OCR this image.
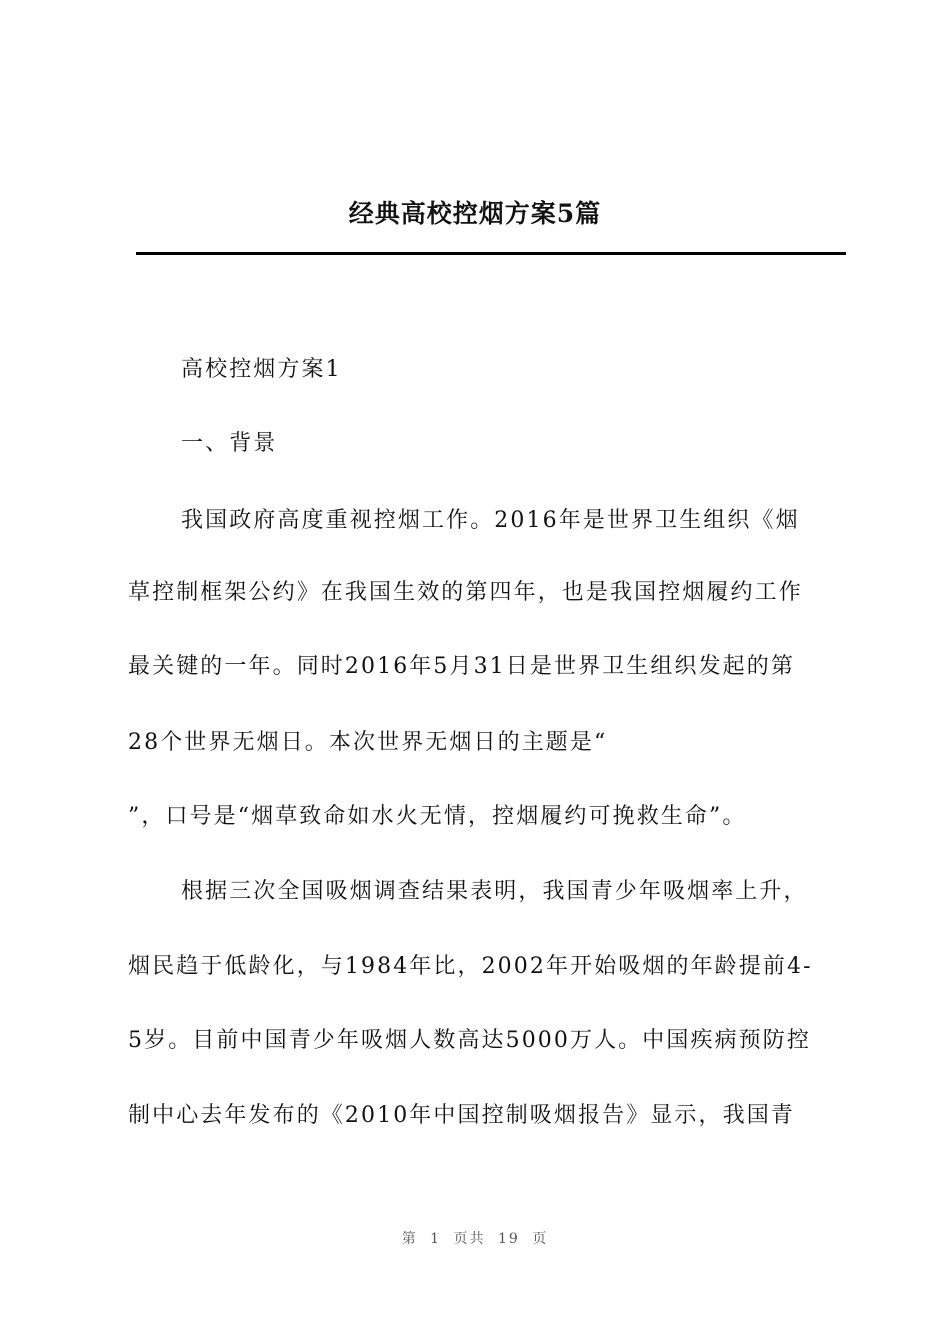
经典高校控烟方案5篇
高校控烟方案1
一、背景
我国政府高度重视控烟工作。2016年是世界卫生组织《烟
草控制框架公约》在我国生效的第四年，也是我国控烟履约工作
最关键的一年。同时2016年5月31日是世界卫生组织发起的第
28个世界无烟日。本次世界无烟日的主题是“
”，口号是“烟草致命如水火无情，控烟履约可挽救生命”。
根据三次全国吸烟调查结果表明，我国青少年吸烟率上升，
烟民趋于低龄化，与1984年比，2002年开始吸烟的年龄提前4-
5岁。目前中国青少年吸烟人数高达5000万人。中国疾病预防控
制中心去年发布的《2010年中国控制吸烟报告》显示，我国青
第 1 页共 19 页
